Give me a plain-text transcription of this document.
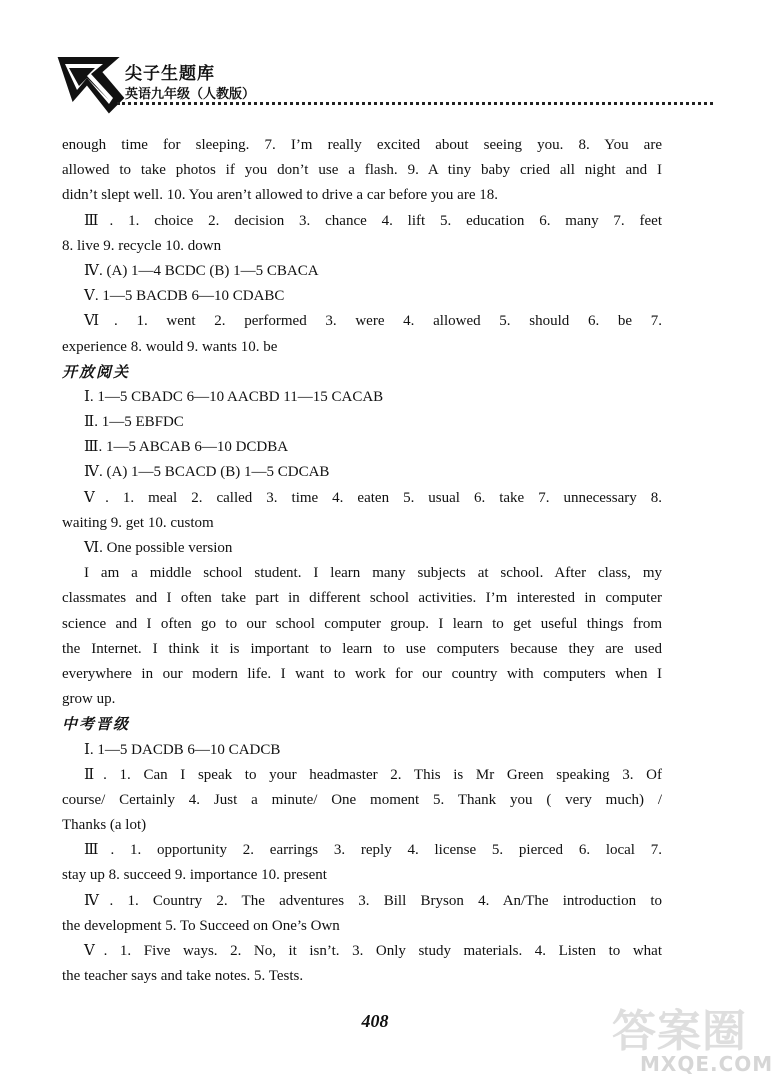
尖子生题库
英语九年级（人教版）
enough time for sleeping. 7. I’m really excited about seeing you. 8. You are
allowed to take photos if you don’t use a flash. 9. A tiny baby cried all night and I
didn’t slept well. 10. You aren’t allowed to drive a car before you are 18.
Ⅲ. 1. choice 2. decision 3. chance 4. lift 5. education 6. many 7. feet
8. live 9. recycle 10. down
Ⅳ. (A) 1—4 BCDC (B) 1—5 CBACA
Ⅴ. 1—5 BACDB 6—10 CDABC
Ⅵ. 1. went 2. performed 3. were 4. allowed 5. should 6. be 7.
experience 8. would 9. wants 10. be
开放阅关
Ⅰ. 1—5 CBADC 6—10 AACBD 11—15 CACAB
Ⅱ. 1—5 EBFDC
Ⅲ. 1—5 ABCAB 6—10 DCDBA
Ⅳ. (A) 1—5 BCACD (B) 1—5 CDCAB
Ⅴ. 1. meal 2. called 3. time 4. eaten 5. usual 6. take 7. unnecessary 8.
waiting 9. get 10. custom
Ⅵ. One possible version
I am a middle school student. I learn many subjects at school. After class, my
classmates and I often take part in different school activities. I’m interested in computer
science and I often go to our school computer group. I learn to get useful things from
the Internet. I think it is important to learn to use computers because they are used
everywhere in our modern life. I want to work for our country with computers when I
grow up.
中考晋级
Ⅰ. 1—5 DACDB 6—10 CADCB
Ⅱ. 1. Can I speak to your headmaster 2. This is Mr Green speaking 3. Of
course/ Certainly 4. Just a minute/ One moment 5. Thank you ( very much) /
Thanks (a lot)
Ⅲ. 1. opportunity 2. earrings 3. reply 4. license 5. pierced 6. local 7.
stay up 8. succeed 9. importance 10. present
Ⅳ. 1. Country 2. The adventures 3. Bill Bryson 4. An/The introduction to
the development 5. To Succeed on One’s Own
Ⅴ. 1. Five ways. 2. No, it isn’t. 3. Only study materials. 4. Listen to what
the teacher says and take notes. 5. Tests.
408	答案圈
MXQE.COM
